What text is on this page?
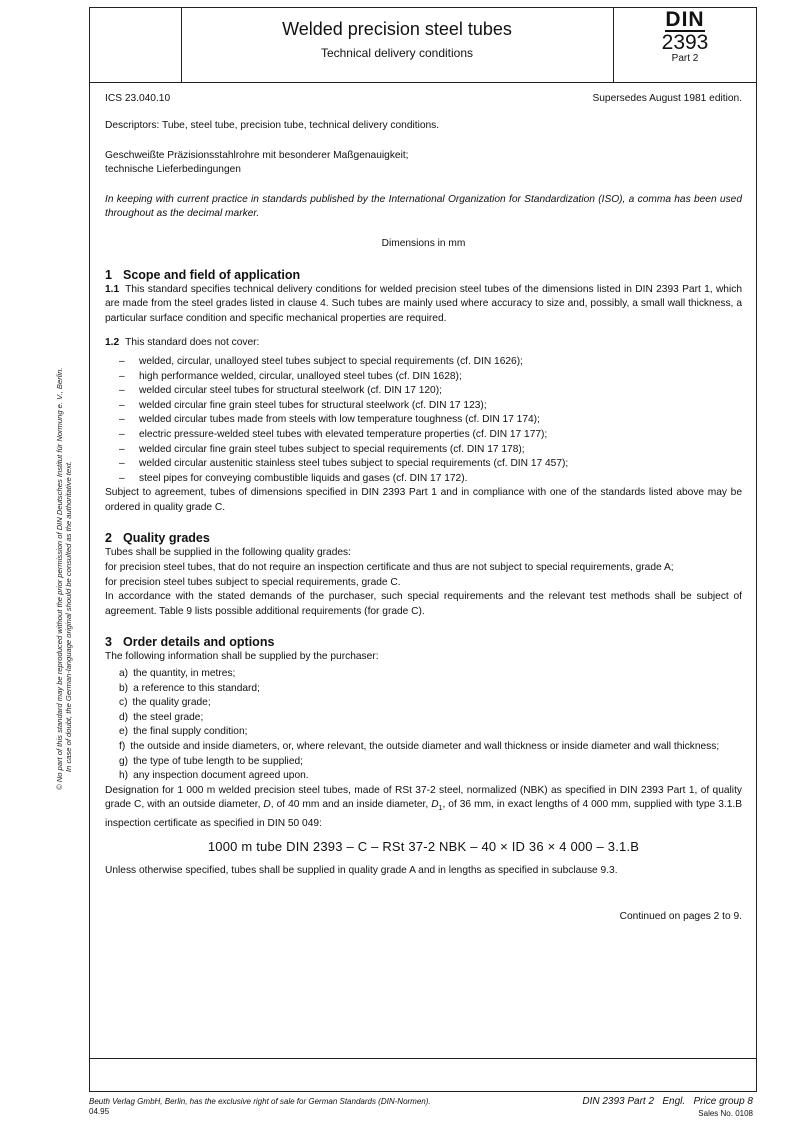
Welded precision steel tubes
Technical delivery conditions
DIN
2393
Part 2
© No part of this standard may be reproduced without the prior permission of DIN Deutsches Institut für Normung e. V., Berlin. In case of doubt, the German-language original should be consulted as the authoritative text.
ICS 23.040.10	Supersedes August 1981 edition.

Descriptors: Tube, steel tube, precision tube, technical delivery conditions.

Geschweißte Präzisionsstahlrohre mit besonderer Maßgenauigkeit;

technische Lieferbedingungen

In keeping with current practice in standards published by the International Organization for Standardization (ISO), a comma has been used throughout as the decimal marker.

Dimensions in mm

1 Scope and field of application

1.1 This standard specifies technical delivery conditions for welded precision steel tubes of the dimensions listed in DIN 2393 Part 1, which are made from the steel grades listed in clause 4. Such tubes are mainly used where accuracy to size and, possibly, a small wall thickness, a particular surface condition and specific mechanical properties are required.

1.2 This standard does not cover:

– welded, circular, unalloyed steel tubes subject to special requirements (cf. DIN 1626);
– high performance welded, circular, unalloyed steel tubes (cf. DIN 1628);
– welded circular steel tubes for structural steelwork (cf. DIN 17 120);
– welded circular fine grain steel tubes for structural steelwork (cf. DIN 17 123);
– welded circular tubes made from steels with low temperature toughness (cf. DIN 17 174);
– electric pressure-welded steel tubes with elevated temperature properties (cf. DIN 17 177);
– welded circular fine grain steel tubes subject to special requirements (cf. DIN 17 178);
– welded circular austenitic stainless steel tubes subject to special requirements (cf. DIN 17 457);
– steel pipes for conveying combustible liquids and gases (cf. DIN 17 172).

Subject to agreement, tubes of dimensions specified in DIN 2393 Part 1 and in compliance with one of the standards listed above may be ordered in quality grade C.

2 Quality grades

Tubes shall be supplied in the following quality grades:

for precision steel tubes, that do not require an inspection certificate and thus are not subject to special requirements, grade A;

for precision steel tubes subject to special requirements, grade C.

In accordance with the stated demands of the purchaser, such special requirements and the relevant test methods shall be subject of agreement. Table 9 lists possible additional requirements (for grade C).

3 Order details and options

The following information shall be supplied by the purchaser:

a) the quantity, in metres;
b) a reference to this standard;
c) the quality grade;
d) the steel grade;
e) the final supply condition;
f) the outside and inside diameters, or, where relevant, the outside diameter and wall thickness or inside diameter and wall thickness;
g) the type of tube length to be supplied;
h) any inspection document agreed upon.

Designation for 1 000 m welded precision steel tubes, made of RSt 37-2 steel, normalized (NBK) as specified in DIN 2393 Part 1, of quality grade C, with an outside diameter, D, of 40 mm and an inside diameter, $D_1$, of 36 mm, in exact lengths of 4 000 mm, supplied with type 3.1.B inspection certificate as specified in DIN 50 049:

1000 m tube DIN 2393 – C – RSt 37-2 NBK – 40 × ID 36 × 4 000 – 3.1.B

Unless otherwise specified, tubes shall be supplied in quality grade A and in lengths as specified in subclause 9.3.

Continued on pages 2 to 9.

Beuth Verlag GmbH, Berlin, has the exclusive right of sale for German Standards (DIN-Normen).
04.95
DIN 2393 Part 2   Engl.   Price group 8
Sales No. 0108
